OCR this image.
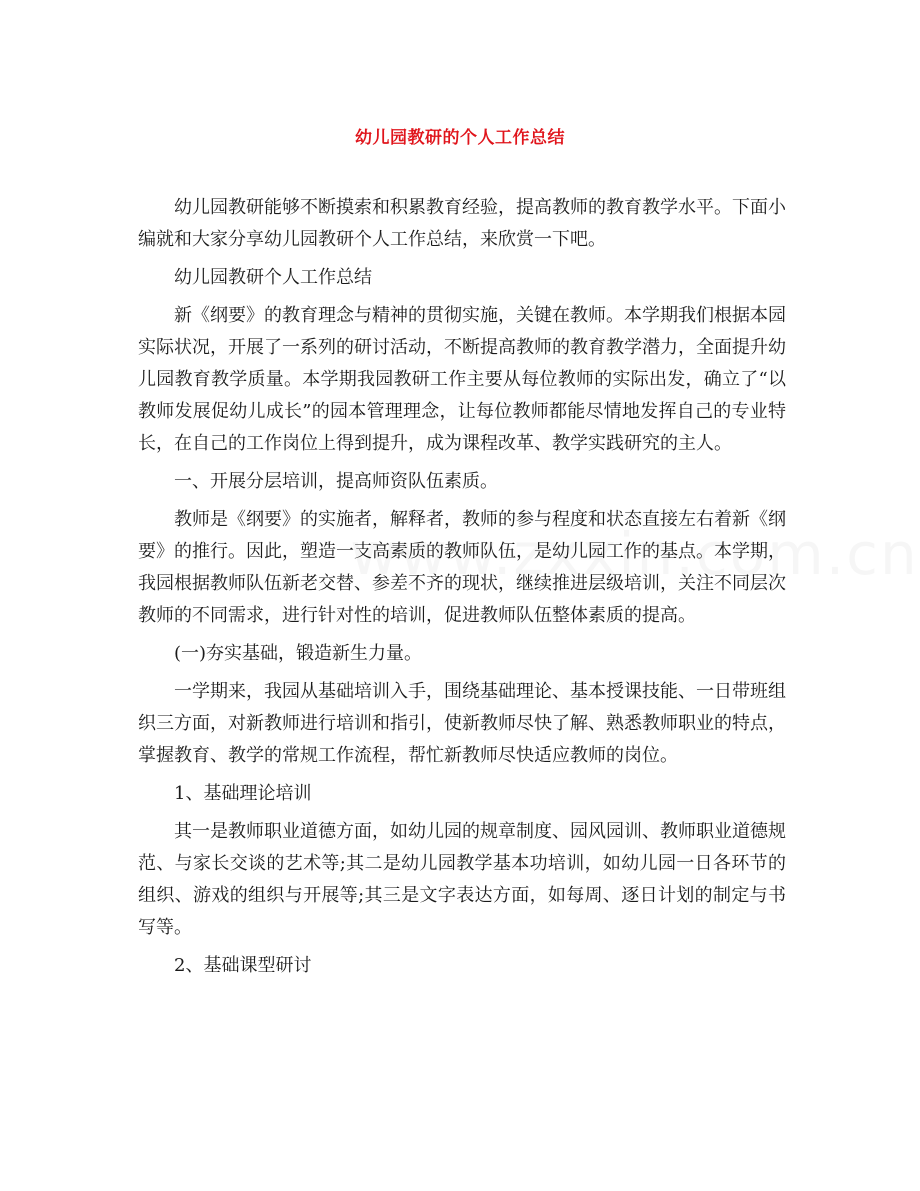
幼儿园教研的个人工作总结

幼儿园教研能够不断摸索和积累教育经验，提高教师的教育教学水平。下面小编就和大家分享幼儿园教研个人工作总结，来欣赏一下吧。

幼儿园教研个人工作总结

新《纲要》的教育理念与精神的贯彻实施，关键在教师。本学期我们根据本园实际状况，开展了一系列的研讨活动，不断提高教师的教育教学潜力，全面提升幼儿园教育教学质量。本学期我园教研工作主要从每位教师的实际出发，确立了“以教师发展促幼儿成长”的园本管理理念，让每位教师都能尽情地发挥自己的专业特长，在自己的工作岗位上得到提升，成为课程改革、教学实践研究的主人。

一、开展分层培训，提高师资队伍素质。

教师是《纲要》的实施者，解释者，教师的参与程度和状态直接左右着新《纲要》的推行。因此，塑造一支高素质的教师队伍，是幼儿园工作的基点。本学期，我园根据教师队伍新老交替、参差不齐的现状，继续推进层级培训，关注不同层次教师的不同需求，进行针对性的培训，促进教师队伍整体素质的提高。

(一)夯实基础，锻造新生力量。

一学期来，我园从基础培训入手，围绕基础理论、基本授课技能、一日带班组织三方面，对新教师进行培训和指引，使新教师尽快了解、熟悉教师职业的特点，掌握教育、教学的常规工作流程，帮忙新教师尽快适应教师的岗位。

1、基础理论培训

其一是教师职业道德方面，如幼儿园的规章制度、园风园训、教师职业道德规范、与家长交谈的艺术等;其二是幼儿园教学基本功培训，如幼儿园一日各环节的组织、游戏的组织与开展等;其三是文字表达方面，如每周、逐日计划的制定与书写等。

2、基础课型研讨
